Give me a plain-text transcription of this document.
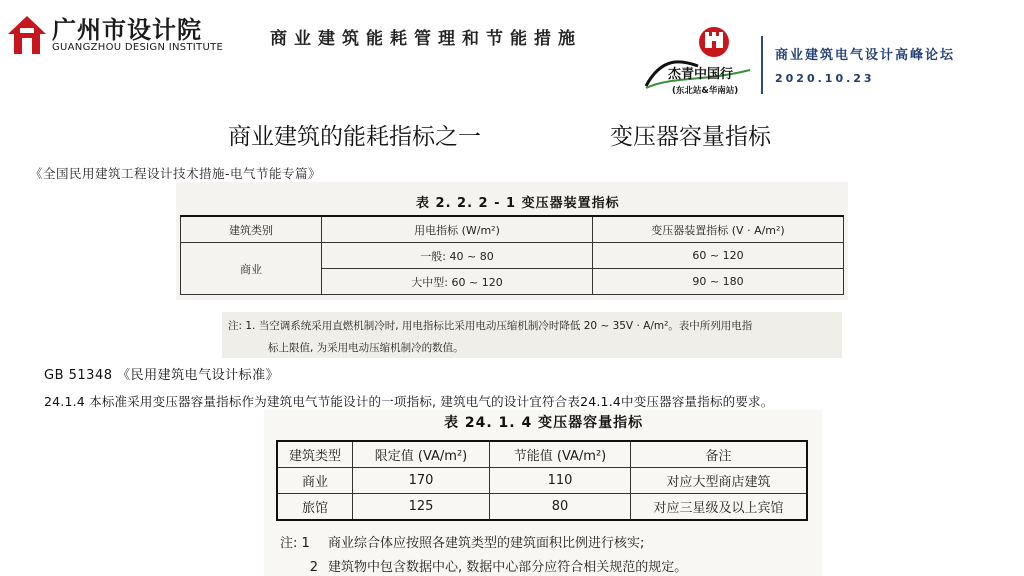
广州市设计院
GUANGZHOU DESIGN INSTITUTE	商业建筑能耗管理和节能措施
杰青中国行
(东北站&华南站)
商业建筑电气设计高峰论坛
2020.10.23
商业建筑的能耗指标之一	变压器容量指标
《全国民用建筑工程设计技术措施-电气节能专篇》
表 2. 2. 2 - 1 变压器装置指标
建筑类别	用电指标 (W/m²)	变压器装置指标 (V · A/m²)
商业	一般: 40 ~ 80	60 ~ 120
	大中型: 60 ~ 120	90 ~ 180
注: 1. 当空调系统采用直燃机制冷时, 用电指标比采用电动压缩机制冷时降低 20 ~ 35V · A/m²。表中所列用电指
标上限值, 为采用电动压缩机制冷的数值。
GB 51348 《民用建筑电气设计标准》
24.1.4 本标准采用变压器容量指标作为建筑电气节能设计的一项指标, 建筑电气的设计宜符合表24.1.4中变压器容量指标的要求。
表 24. 1. 4 变压器容量指标
建筑类型	限定值 (VA/m²)	节能值 (VA/m²)	备注
商业	170	110	对应大型商店建筑
旅馆	125	80	对应三星级及以上宾馆
注: 1 商业综合体应按照各建筑类型的建筑面积比例进行核实;
2 建筑物中包含数据中心, 数据中心部分应符合相关规范的规定。
